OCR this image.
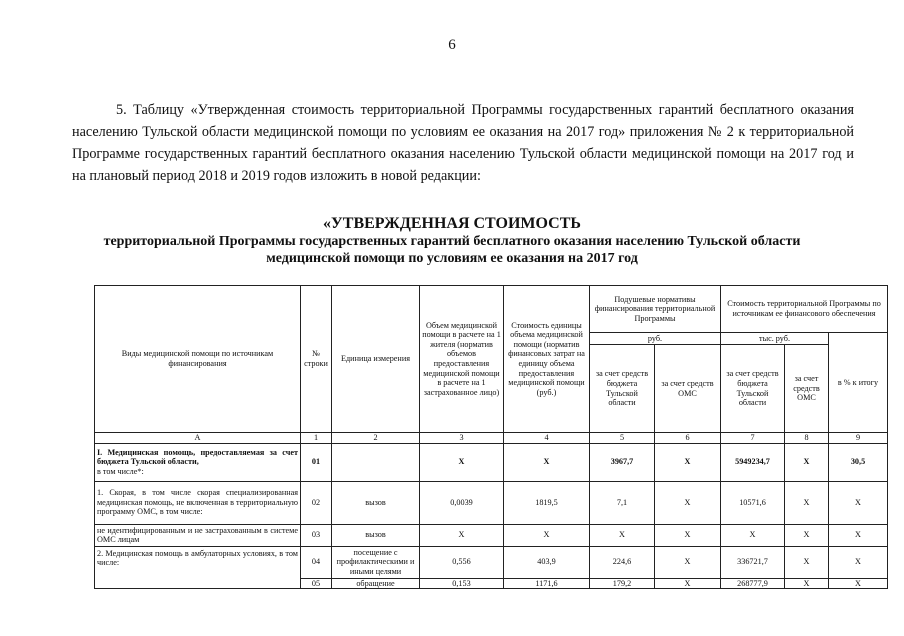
6
5. Таблицу «Утвержденная стоимость территориальной Программы государственных гарантий бесплатного оказания населению Тульской области медицинской помощи по условиям ее оказания на 2017 год» приложения № 2 к территориальной Программе государственных гарантий бесплатного оказания населению Тульской области медицинской помощи на 2017 год и на плановый период 2018 и 2019 годов изложить в новой редакции:
«УТВЕРЖДЕННАЯ СТОИМОСТЬ
территориальной Программы государственных гарантий бесплатного оказания населению Тульской области
медицинской помощи по условиям ее оказания на 2017 год
Виды медицинской помощи по источникам финансирования	№ строки	Единица измерения	Объем медицинской помощи в расчете на 1 жителя (норматив объемов предоставления медицинской помощи в расчете на 1 застрахованное лицо)	Стоимость единицы объема медицинской помощи (норматив финансовых затрат на единицу объема предоставления медицинской помощи (руб.)	Подушевые нормативы финансирования территориальной Программы		Стоимость территориальной Программы по источникам ее финансового обеспечения		
					руб.		тыс. руб.		в % к итогу
					за счет средств бюджета Тульской области	за счет средств ОМС	за счет средств бюджета Тульской области	за счет средств ОМС	
А	1	2	3	4	5	6	7	8	9
I. Медицинская помощь, предоставляемая за счет бюджета Тульской области,
в том числе*:	01		Х	Х	3967,7	Х	5949234,7	Х	30,5
1. Скорая, в том числе скорая специализированная медицинская помощь, не включенная в территориальную программу ОМС, в том числе:	02	вызов	0,0039	1819,5	7,1	Х	10571,6	Х	Х
не идентифицированным и не застрахованным в системе ОМС лицам	03	вызов	Х	Х	Х	Х	Х	Х	Х
2. Медицинская помощь в амбулаторных условиях, в том числе:	04	посещение с профилактическими и иными целями	0,556	403,9	224,6	Х	336721,7	Х	Х
	05	обращение	0,153	1171,6	179,2	Х	268777,9	Х	Х
